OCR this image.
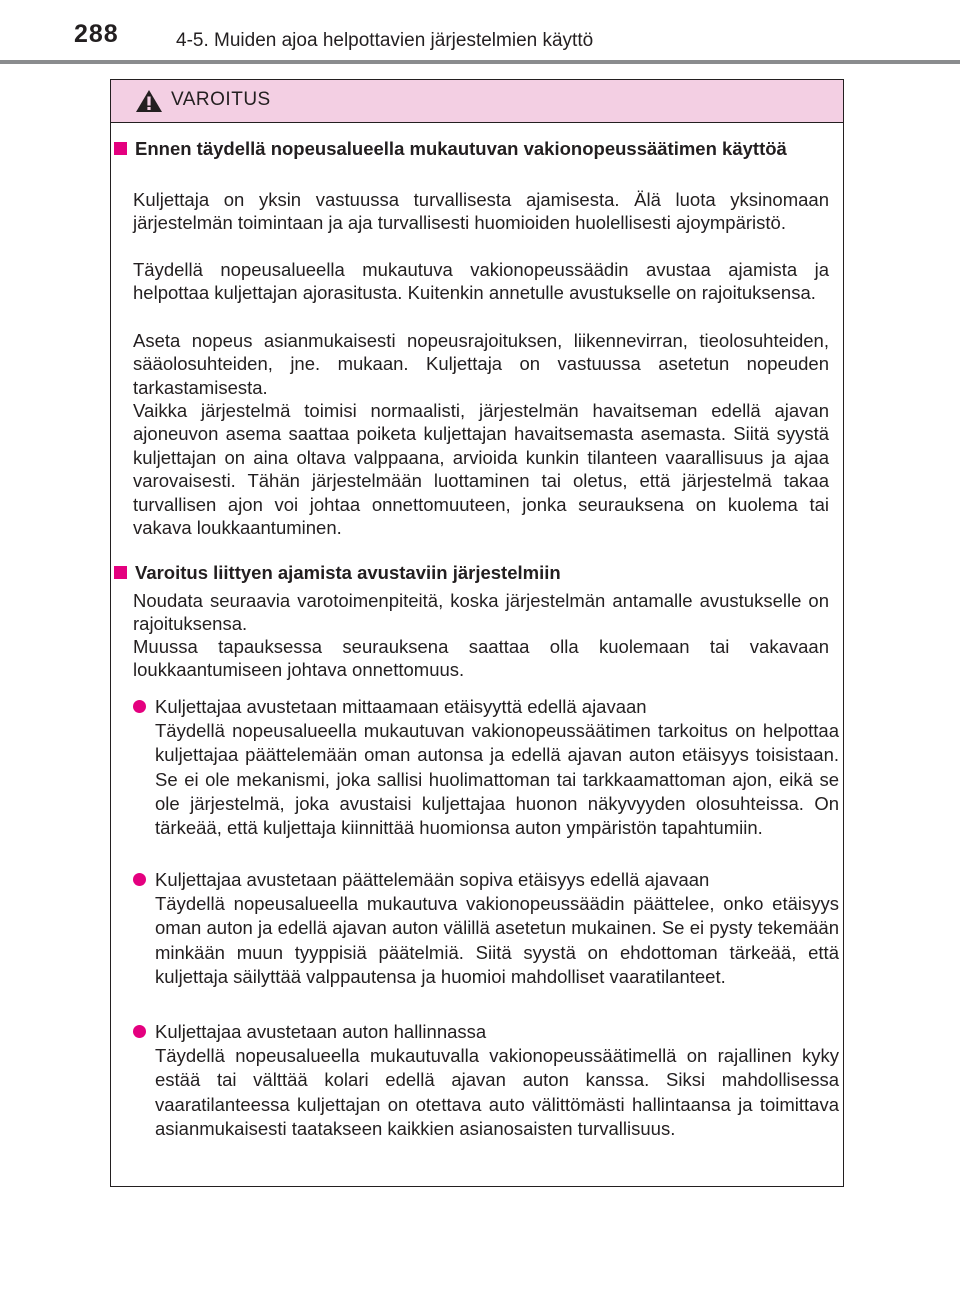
288	4-5. Muiden ajoa helpottavien järjestelmien käyttö
VAROITUS
Ennen täydellä nopeusalueella mukautuvan vakionopeussäätimen käyttöä

Kuljettaja on yksin vastuussa turvallisesta ajamisesta. Älä luota yksinomaan järjestelmän toimintaan ja aja turvallisesti huomioiden huolellisesti ajoympäristö.

Täydellä nopeusalueella mukautuva vakionopeussäädin avustaa ajamista ja helpottaa kuljettajan ajorasitusta. Kuitenkin annetulle avustukselle on rajoituksensa.

Aseta nopeus asianmukaisesti nopeusrajoituksen, liikennevirran, tieolosuhteiden, sääolosuhteiden, jne. mukaan. Kuljettaja on vastuussa asetetun nopeuden tarkastamisesta.

Vaikka järjestelmä toimisi normaalisti, järjestelmän havaitseman edellä ajavan ajoneuvon asema saattaa poiketa kuljettajan havaitsemasta asemasta. Siitä syystä kuljettajan on aina oltava valppaana, arvioida kunkin tilanteen vaarallisuus ja ajaa varovaisesti. Tähän järjestelmään luottaminen tai oletus, että järjestelmä takaa turvallisen ajon voi johtaa onnettomuuteen, jonka seurauksena on kuolema tai vakava loukkaantuminen.

Varoitus liittyen ajamista avustaviin järjestelmiin

Noudata seuraavia varotoimenpiteitä, koska järjestelmän antamalle avustukselle on rajoituksensa.

Muussa tapauksessa seurauksena saattaa olla kuolemaan tai vakavaan loukkaantumiseen johtava onnettomuus.

Kuljettajaa avustetaan mittaamaan etäisyyttä edellä ajavaan

Täydellä nopeusalueella mukautuvan vakionopeussäätimen tarkoitus on helpottaa kuljettajaa päättelemään oman autonsa ja edellä ajavan auton etäisyys toisistaan. Se ei ole mekanismi, joka sallisi huolimattoman tai tarkkaamattoman ajon, eikä se ole järjestelmä, joka avustaisi kuljettajaa huonon näkyvyyden olosuhteissa. On tärkeää, että kuljettaja kiinnittää huomionsa auton ympäristön tapahtumiin.

Kuljettajaa avustetaan päättelemään sopiva etäisyys edellä ajavaan

Täydellä nopeusalueella mukautuva vakionopeussäädin päättelee, onko etäisyys oman auton ja edellä ajavan auton välillä asetetun mukainen. Se ei pysty tekemään minkään muun tyyppisiä päätelmiä. Siitä syystä on ehdottoman tärkeää, että kuljettaja säilyttää valppautensa ja huomioi mahdolliset vaaratilanteet.

Kuljettajaa avustetaan auton hallinnassa

Täydellä nopeusalueella mukautuvalla vakionopeussäätimellä on rajallinen kyky estää tai välttää kolari edellä ajavan auton kanssa. Siksi mahdollisessa vaaratilanteessa kuljettajan on otettava auto välittömästi hallintaansa ja toimittava asianmukaisesti taatakseen kaikkien asianosaisten turvallisuus.
